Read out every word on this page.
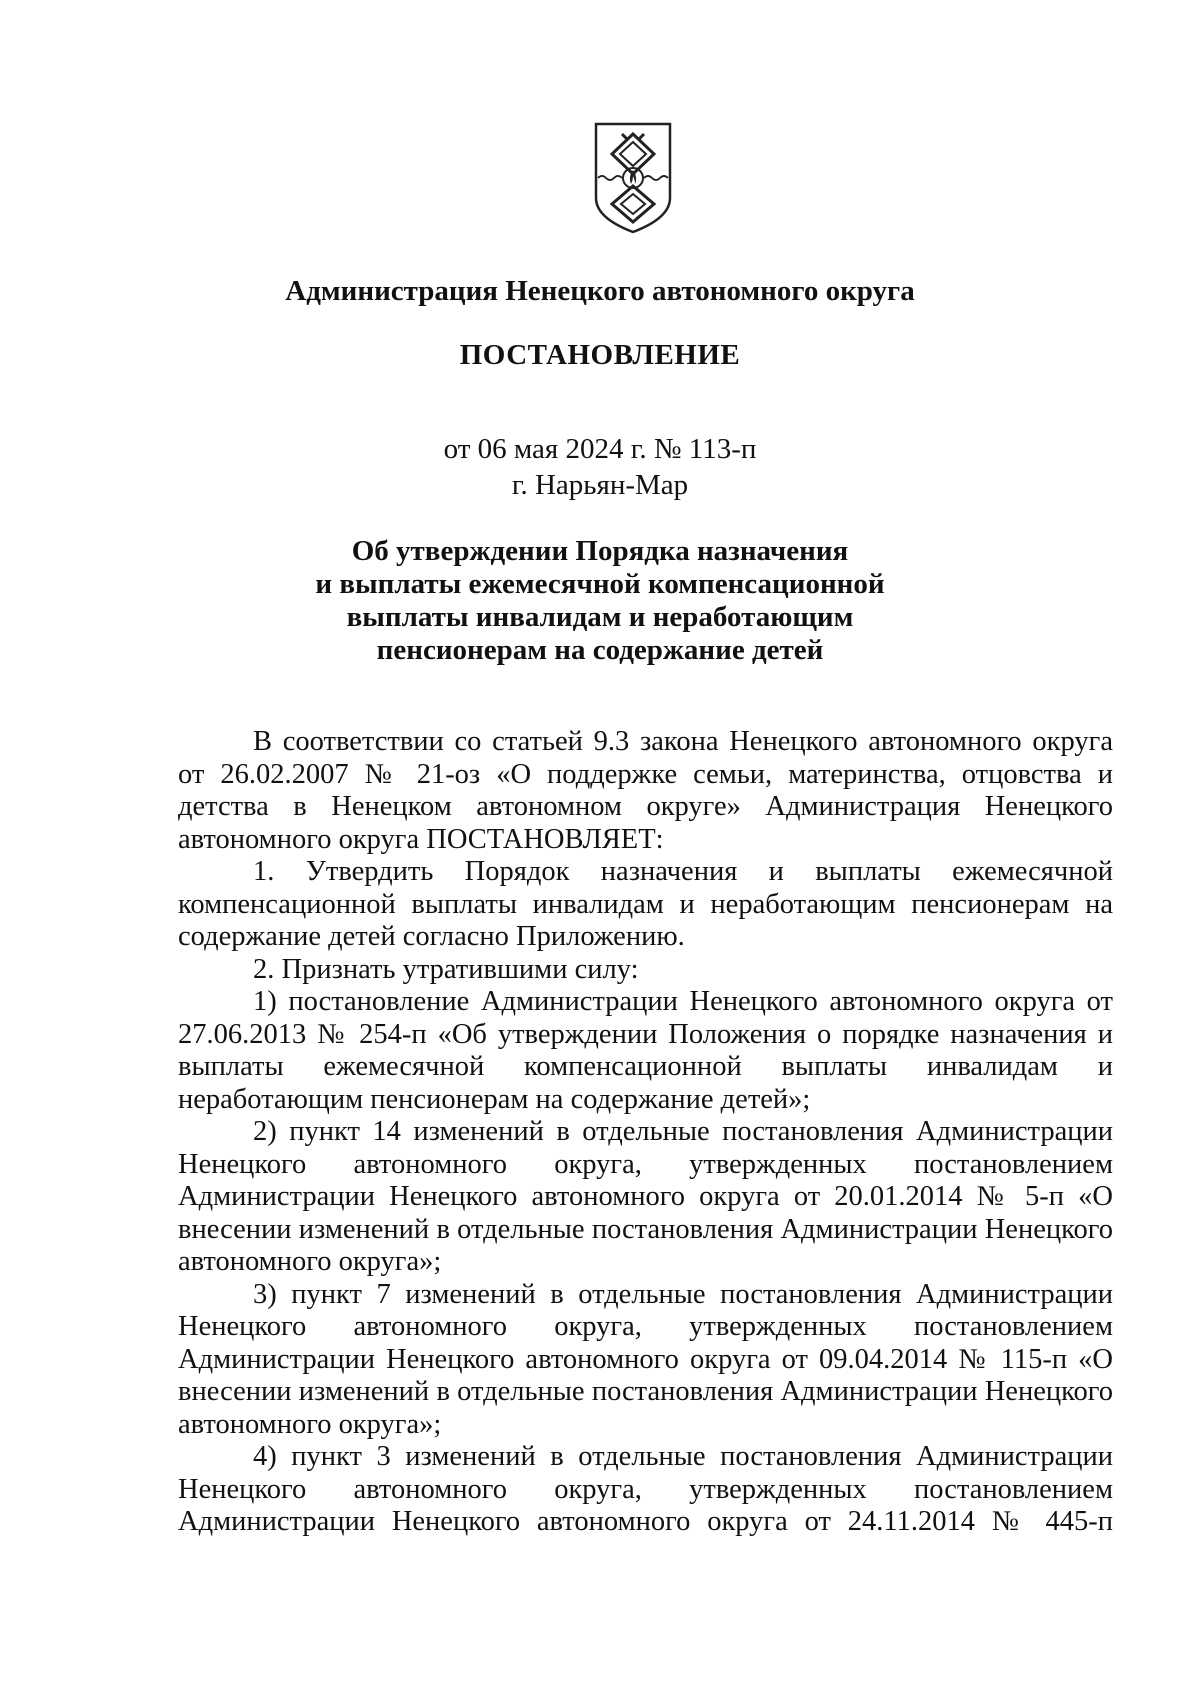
Администрация Ненецкого автономного округа
ПОСТАНОВЛЕНИЕ
от 06 мая 2024 г. № 113-п
г. Нарьян-Мар
Об утверждении Порядка назначения
и выплаты ежемесячной компенсационной
выплаты инвалидам и неработающим
пенсионерам на содержание детей

В соответствии со статьей 9.3 закона Ненецкого автономного округа от 26.02.2007 № 21-оз «О поддержке семьи, материнства, отцовства и детства в Ненецком автономном округе» Администрация Ненецкого автономного округа ПОСТАНОВЛЯЕТ:

1. Утвердить Порядок назначения и выплаты ежемесячной компенсационной выплаты инвалидам и неработающим пенсионерам на содержание детей согласно Приложению.

2. Признать утратившими силу:

1) постановление Администрации Ненецкого автономного округа от 27.06.2013 № 254-п «Об утверждении Положения о порядке назначения и выплаты ежемесячной компенсационной выплаты инвалидам и неработающим пенсионерам на содержание детей»;

2) пункт 14 изменений в отдельные постановления Администрации Ненецкого автономного округа, утвержденных постановлением Администрации Ненецкого автономного округа от 20.01.2014 № 5-п «О внесении изменений в отдельные постановления Администрации Ненецкого автономного округа»;

3) пункт 7 изменений в отдельные постановления Администрации Ненецкого автономного округа, утвержденных постановлением Администрации Ненецкого автономного округа от 09.04.2014 № 115-п «О внесении изменений в отдельные постановления Администрации Ненецкого автономного округа»;

4) пункт 3 изменений в отдельные постановления Администрации Ненецкого автономного округа, утвержденных постановлением Администрации Ненецкого автономного округа от 24.11.2014 № 445-п
